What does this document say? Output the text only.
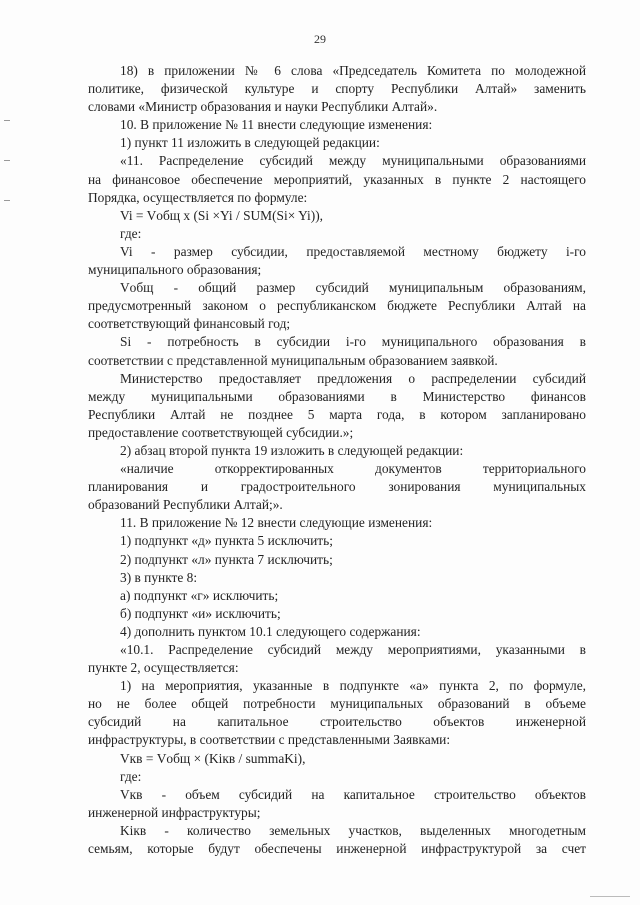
29
18) в приложении № 6 слова «Председатель Комитета по молодежной
политике, физической культуре и спорту Республики Алтай» заменить
словами «Министр образования и науки Республики Алтай».
10. В приложение № 11 внести следующие изменения:
1) пункт 11 изложить в следующей редакции:
«11. Распределение субсидий между муниципальными образованиями
на финансовое обеспечение мероприятий, указанных в пункте 2 настоящего
Порядка, осуществляется по формуле:
Vi = Vобщ x (Si ×Yi / SUM(Si× Yi)),
где:
Vi - размер субсидии, предоставляемой местному бюджету i-го
муниципального образования;
Vобщ - общий размер субсидий муниципальным образованиям,
предусмотренный законом о республиканском бюджете Республики Алтай на
соответствующий финансовый год;
Si - потребность в субсидии i-го муниципального образования в
соответствии с представленной муниципальным образованием заявкой.
Министерство предоставляет предложения о распределении субсидий
между муниципальными образованиями в Министерство финансов
Республики Алтай не позднее 5 марта года, в котором запланировано
предоставление соответствующей субсидии.»;
2) абзац второй пункта 19 изложить в следующей редакции:
«наличие откорректированных документов территориального
планирования и градостроительного зонирования муниципальных
образований Республики Алтай;».
11. В приложение № 12 внести следующие изменения:
1) подпункт «д» пункта 5 исключить;
2) подпункт «л» пункта 7 исключить;
3) в пункте 8:
а) подпункт «г» исключить;
б) подпункт «и» исключить;
4) дополнить пунктом 10.1 следующего содержания:
«10.1. Распределение субсидий между мероприятиями, указанными в
пункте 2, осуществляется:
1) на мероприятия, указанные в подпункте «а» пункта 2, по формуле,
но не более общей потребности муниципальных образований в объеме
субсидий на капитальное строительство объектов инженерной
инфраструктуры, в соответствии с представленными Заявками:
Vкв = Vобщ × (Kiкв / summaKi),
где:
Vкв - объем субсидий на капитальное строительство объектов
инженерной инфраструктуры;
Kiкв - количество земельных участков, выделенных многодетным
семьям, которые будут обеспечены инженерной инфраструктурой за счет
